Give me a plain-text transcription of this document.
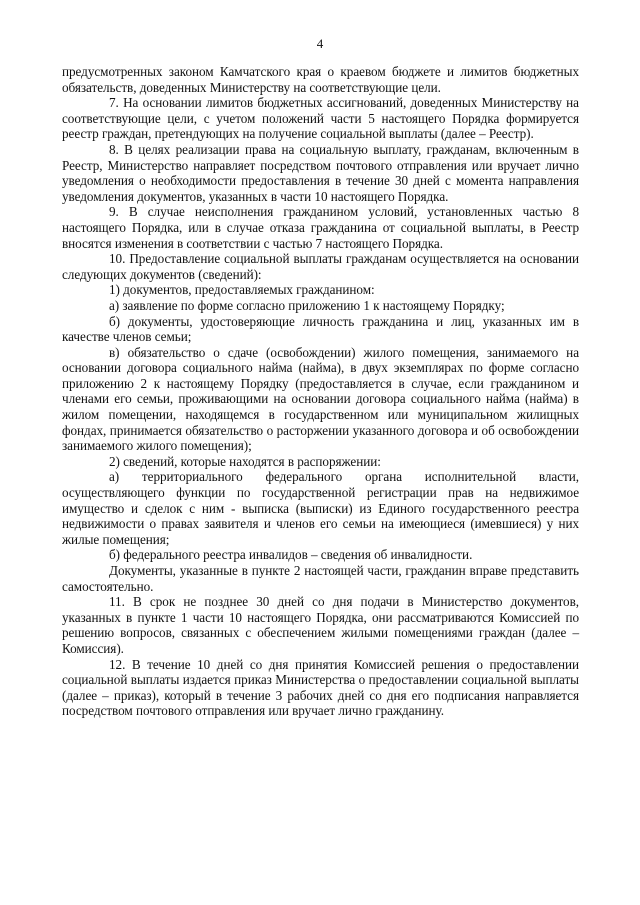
4

предусмотренных законом Камчатского края о краевом бюджете и лимитов бюджетных обязательств, доведенных Министерству на соответствующие цели.

7. На основании лимитов бюджетных ассигнований, доведенных Министерству на соответствующие цели, с учетом положений части 5 настоящего Порядка формируется реестр граждан, претендующих на получение социальной выплаты (далее – Реестр).

8. В целях реализации права на социальную выплату, гражданам, включенным в Реестр, Министерство направляет посредством почтового отправления или вручает лично уведомления о необходимости предоставления в течение 30 дней с момента направления уведомления документов, указанных в части 10 настоящего Порядка.

9. В случае неисполнения гражданином условий, установленных частью 8 настоящего Порядка, или в случае отказа гражданина от социальной выплаты, в Реестр вносятся изменения в соответствии с частью 7 настоящего Порядка.

10. Предоставление социальной выплаты гражданам осуществляется на основании следующих документов (сведений):

1) документов, предоставляемых гражданином:

а) заявление по форме согласно приложению 1 к настоящему Порядку;

б) документы, удостоверяющие личность гражданина и лиц, указанных им в качестве членов семьи;

в) обязательство о сдаче (освобождении) жилого помещения, занимаемого на основании договора социального найма (найма), в двух экземплярах по форме согласно приложению 2 к настоящему Порядку (предоставляется в случае, если гражданином и членами его семьи, проживающими на основании договора социального найма (найма) в жилом помещении, находящемся в государственном или муниципальном жилищных фондах, принимается обязательство о расторжении указанного договора и об освобождении занимаемого жилого помещения);

2) сведений, которые находятся в распоряжении:

а) территориального федерального органа исполнительной власти, осуществляющего функции по государственной регистрации прав на недвижимое имущество и сделок с ним - выписка (выписки) из Единого государственного реестра недвижимости о правах заявителя и членов его семьи на имеющиеся (имевшиеся) у них жилые помещения;

б) федерального реестра инвалидов – сведения об инвалидности.

Документы, указанные в пункте 2 настоящей части, гражданин вправе представить самостоятельно.

11. В срок не позднее 30 дней со дня подачи в Министерство документов, указанных в пункте 1 части 10 настоящего Порядка, они рассматриваются Комиссией по решению вопросов, связанных с обеспечением жилыми помещениями граждан (далее – Комиссия).

12. В течение 10 дней со дня принятия Комиссией решения о предоставлении социальной выплаты издается приказ Министерства о предоставлении социальной выплаты (далее – приказ), который в течение 3 рабочих дней со дня его подписания направляется посредством почтового отправления или вручает лично гражданину.
